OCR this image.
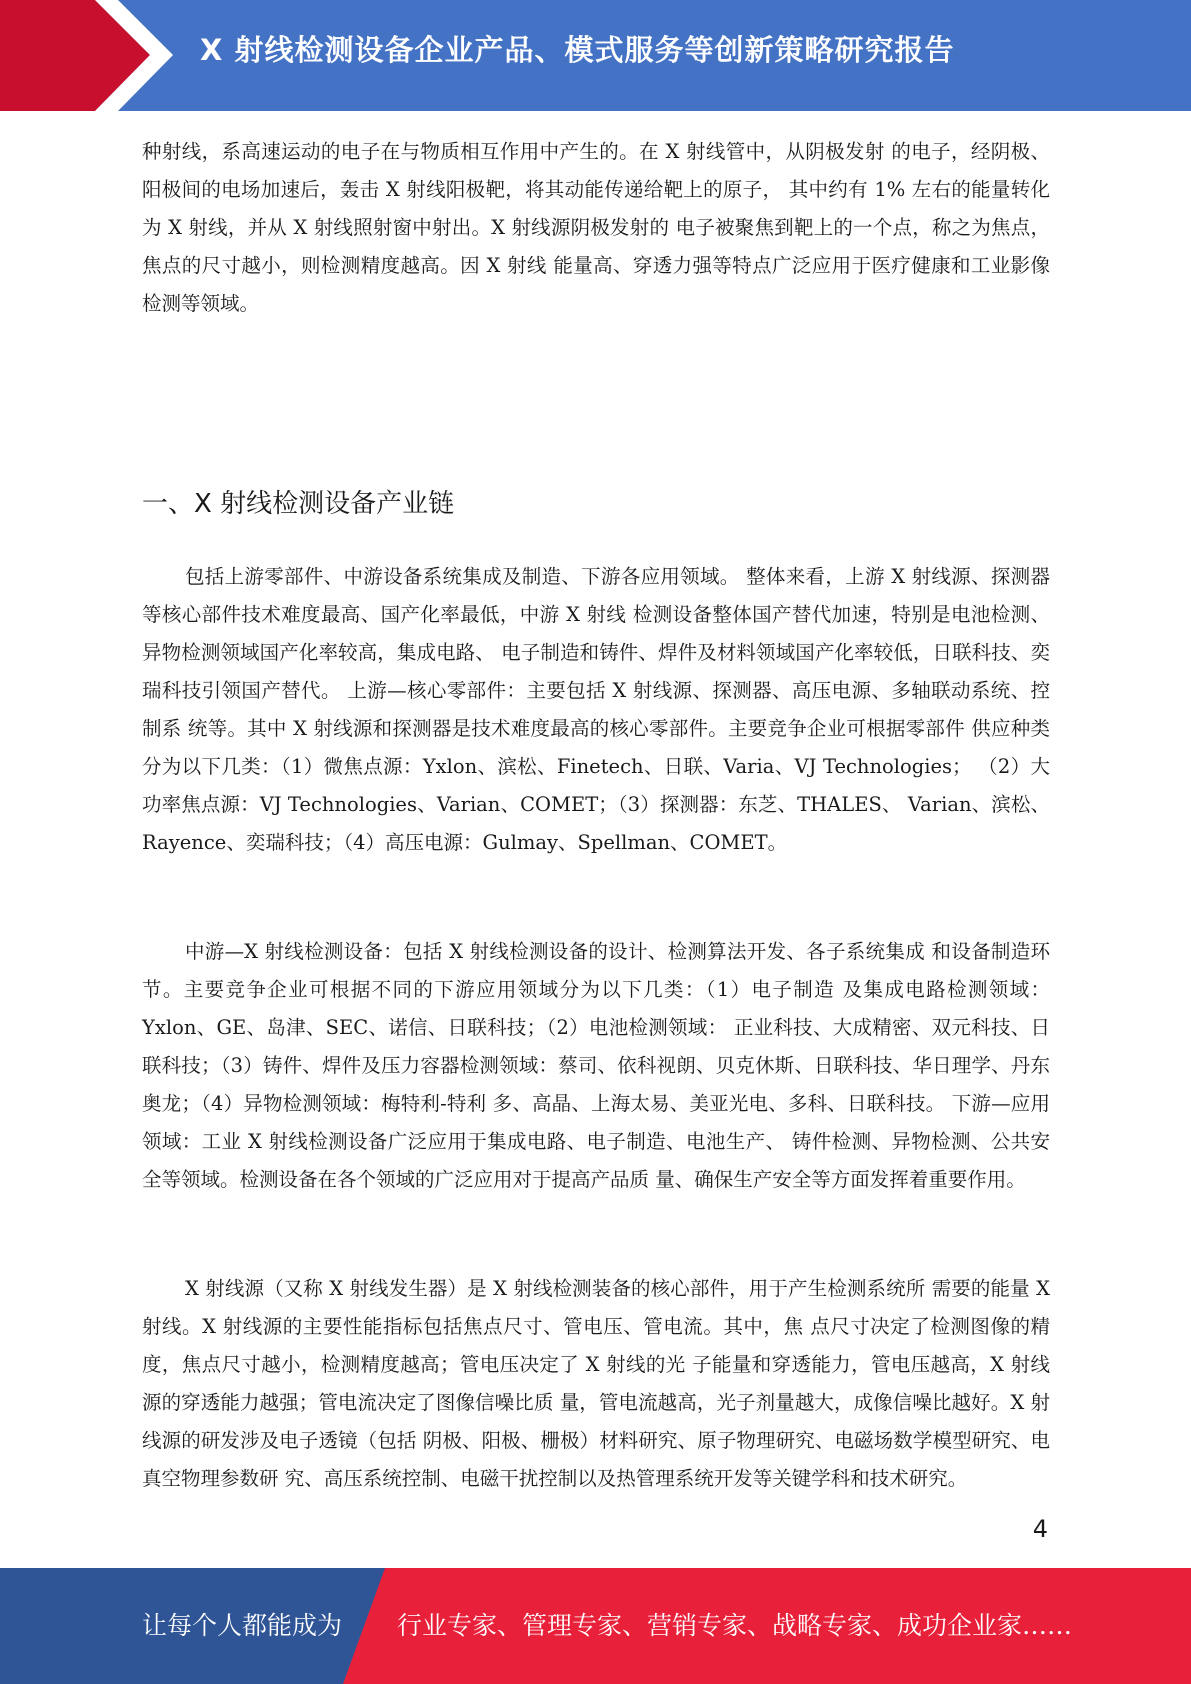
X 射线检测设备企业产品、模式服务等创新策略研究报告

种射线，系高速运动的电子在与物质相互作用中产生的。在 X 射线管中，从阴极发射 的电子，经阴极、阳极间的电场加速后，轰击 X 射线阳极靶，将其动能传递给靶上的原子， 其中约有 1% 左右的能量转化为 X 射线，并从 X 射线照射窗中射出。X 射线源阴极发射的 电子被聚焦到靶上的一个点，称之为焦点，焦点的尺寸越小，则检测精度越高。因 X 射线 能量高、穿透力强等特点广泛应用于医疗健康和工业影像检测等领域。

一、X 射线检测设备产业链

包括上游零部件、中游设备系统集成及制造、下游各应用领域。 整体来看，上游 X 射线源、探测器等核心部件技术难度最高、国产化率最低，中游 X 射线 检测设备整体国产替代加速，特别是电池检测、异物检测领域国产化率较高，集成电路、 电子制造和铸件、焊件及材料领域国产化率较低，日联科技、奕瑞科技引领国产替代。 上游—核心零部件：主要包括 X 射线源、探测器、高压电源、多轴联动系统、控制系 统等。其中 X 射线源和探测器是技术难度最高的核心零部件。主要竞争企业可根据零部件 供应种类分为以下几类：（1）微焦点源：Yxlon、滨松、Finetech、日联、Varia、VJ Technologies； （2）大功率焦点源：VJ Technologies、Varian、COMET；（3）探测器：东芝、THALES、 Varian、滨松、Rayence、奕瑞科技；（4）高压电源：Gulmay、Spellman、COMET。

中游—X 射线检测设备：包括 X 射线检测设备的设计、检测算法开发、各子系统集成 和设备制造环节。主要竞争企业可根据不同的下游应用领域分为以下几类：（1）电子制造 及集成电路检测领域：Yxlon、GE、岛津、SEC、诺信、日联科技；（2）电池检测领域： 正业科技、大成精密、双元科技、日联科技；（3）铸件、焊件及压力容器检测领域：蔡司、依科视朗、贝克休斯、日联科技、华日理学、丹东奥龙；（4）异物检测领域：梅特利-特利 多、高晶、上海太易、美亚光电、多科、日联科技。 下游—应用领域：工业 X 射线检测设备广泛应用于集成电路、电子制造、电池生产、 铸件检测、异物检测、公共安全等领域。检测设备在各个领域的广泛应用对于提高产品质 量、确保生产安全等方面发挥着重要作用。

X 射线源（又称 X 射线发生器）是 X 射线检测装备的核心部件，用于产生检测系统所 需要的能量 X 射线。X 射线源的主要性能指标包括焦点尺寸、管电压、管电流。其中，焦 点尺寸决定了检测图像的精度，焦点尺寸越小，检测精度越高；管电压决定了 X 射线的光 子能量和穿透能力，管电压越高，X 射线源的穿透能力越强；管电流决定了图像信噪比质 量，管电流越高，光子剂量越大，成像信噪比越好。X 射线源的研发涉及电子透镜（包括 阴极、阳极、栅极）材料研究、原子物理研究、电磁场数学模型研究、电真空物理参数研 究、高压系统控制、电磁干扰控制以及热管理系统开发等关键学科和技术研究。

4
让每个人都能成为 行业专家、管理专家、营销专家、战略专家、成功企业家……
